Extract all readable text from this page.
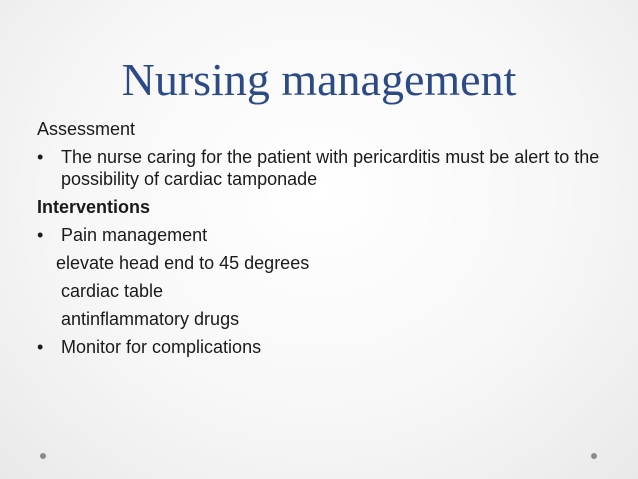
Nursing management
Assessment
• The nurse caring for the patient with pericarditis must be alert to the possibility of cardiac tamponade
Interventions
• Pain management
elevate head end to 45 degrees
cardiac table
antinflammatory drugs
• Monitor for complications
